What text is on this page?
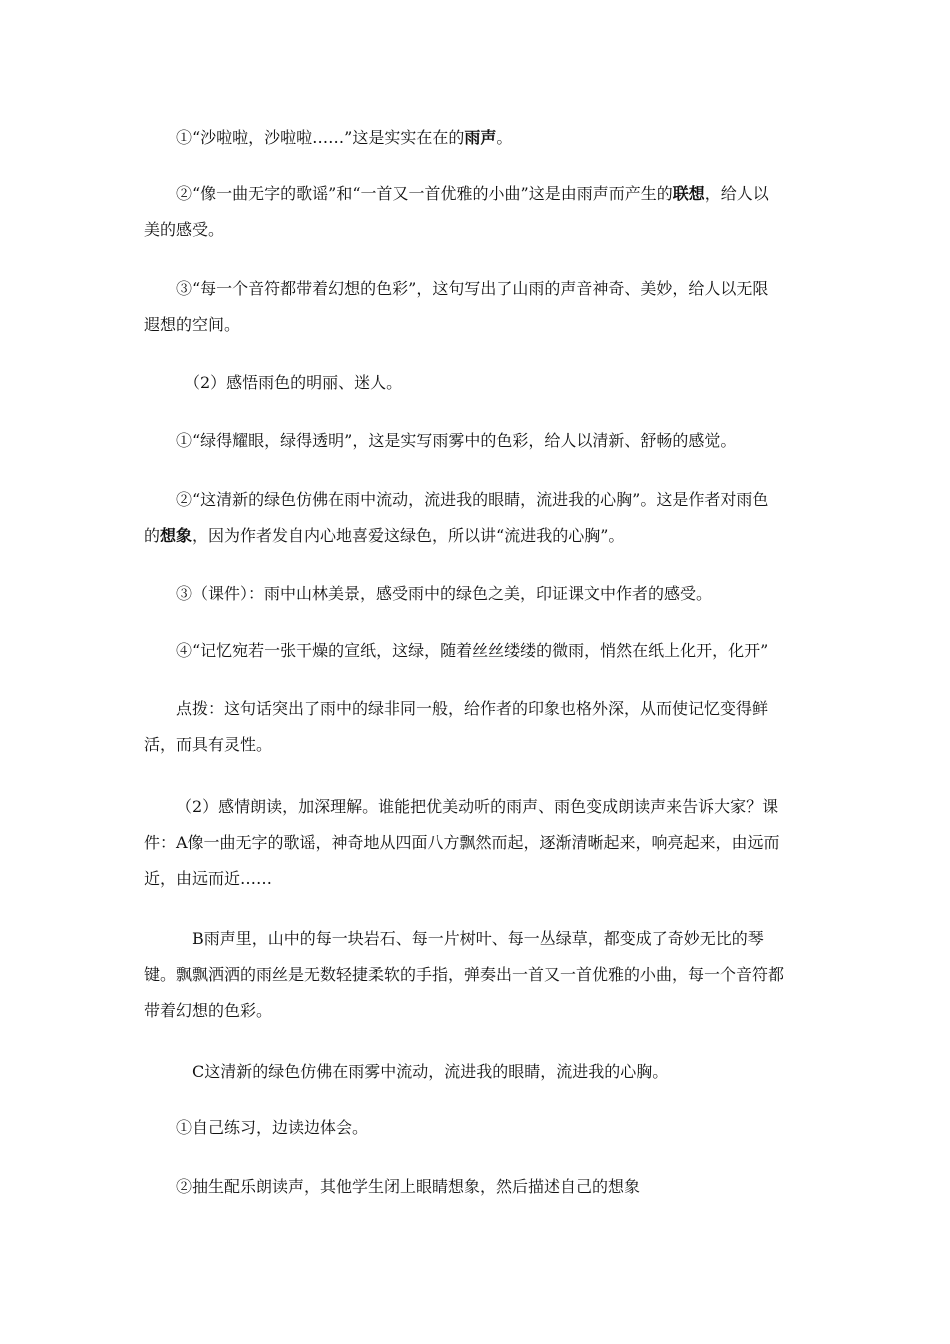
①“沙啦啦，沙啦啦……”这是实实在在的雨声。

②“像一曲无字的歌谣”和“一首又一首优雅的小曲”这是由雨声而产生的联想，给人以美的感受。

③“每一个音符都带着幻想的色彩”，这句写出了山雨的声音神奇、美妙，给人以无限遐想的空间。

（2）感悟雨色的明丽、迷人。

①“绿得耀眼，绿得透明”，这是实写雨雾中的色彩，给人以清新、舒畅的感觉。

②“这清新的绿色仿佛在雨中流动，流进我的眼睛，流进我的心胸”。这是作者对雨色的想象，因为作者发自内心地喜爱这绿色，所以讲“流进我的心胸”。

③（课件）：雨中山林美景，感受雨中的绿色之美，印证课文中作者的感受。

④“记忆宛若一张干燥的宣纸，这绿，随着丝丝缕缕的微雨，悄然在纸上化开，化开”

点拨：这句话突出了雨中的绿非同一般，给作者的印象也格外深，从而使记忆变得鲜活，而具有灵性。

（2）感情朗读，加深理解。谁能把优美动听的雨声、雨色变成朗读声来告诉大家？课件：A像一曲无字的歌谣，神奇地从四面八方飘然而起，逐渐清晰起来，响亮起来，由远而近，由远而近……

B雨声里，山中的每一块岩石、每一片树叶、每一丛绿草，都变成了奇妙无比的琴键。飘飘洒洒的雨丝是无数轻捷柔软的手指，弹奏出一首又一首优雅的小曲，每一个音符都带着幻想的色彩。

C这清新的绿色仿佛在雨雾中流动，流进我的眼睛，流进我的心胸。

①自己练习，边读边体会。

②抽生配乐朗读声，其他学生闭上眼睛想象，然后描述自己的想象
